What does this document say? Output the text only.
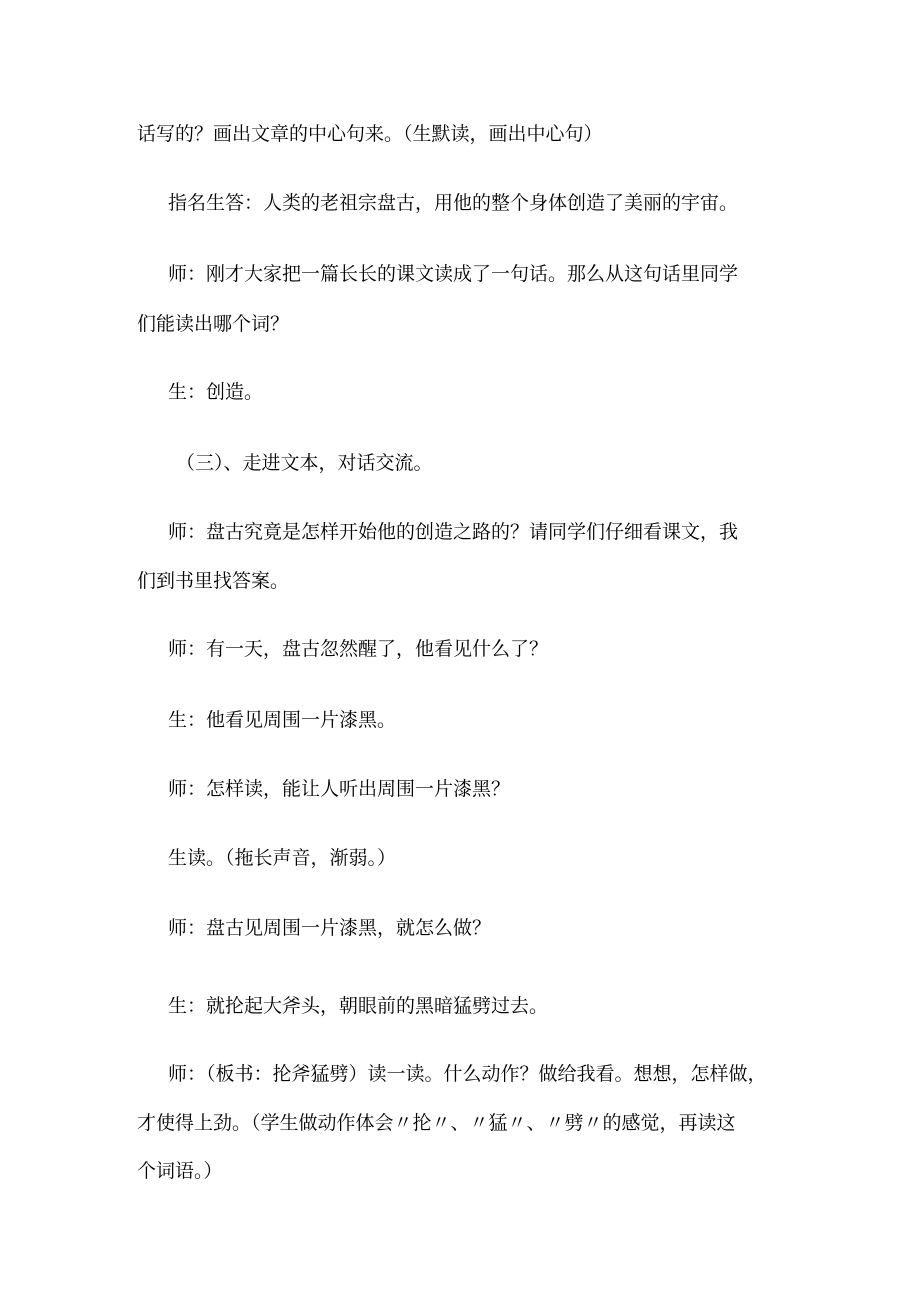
话写的？画出文章的中心句来。（生默读，画出中心句）

指名生答：人类的老祖宗盘古，用他的整个身体创造了美丽的宇宙。

师：刚才大家把一篇长长的课文读成了一句话。那么从这句话里同学

们能读出哪个词？

生：创造。

（三）、走进文本，对话交流。

师：盘古究竟是怎样开始他的创造之路的？请同学们仔细看课文，我

们到书里找答案。

师：有一天，盘古忽然醒了，他看见什么了？

生：他看见周围一片漆黑。

师：怎样读，能让人听出周围一片漆黑？

生读。（拖长声音，渐弱。）

师：盘古见周围一片漆黑，就怎么做？

生：就抡起大斧头，朝眼前的黑暗猛劈过去。

师：（板书：抡斧猛劈）读一读。什么动作？做给我看。想想，怎样做，

才使得上劲。（学生做动作体会〃抡〃、〃猛〃、〃劈〃的感觉，再读这

个词语。）
